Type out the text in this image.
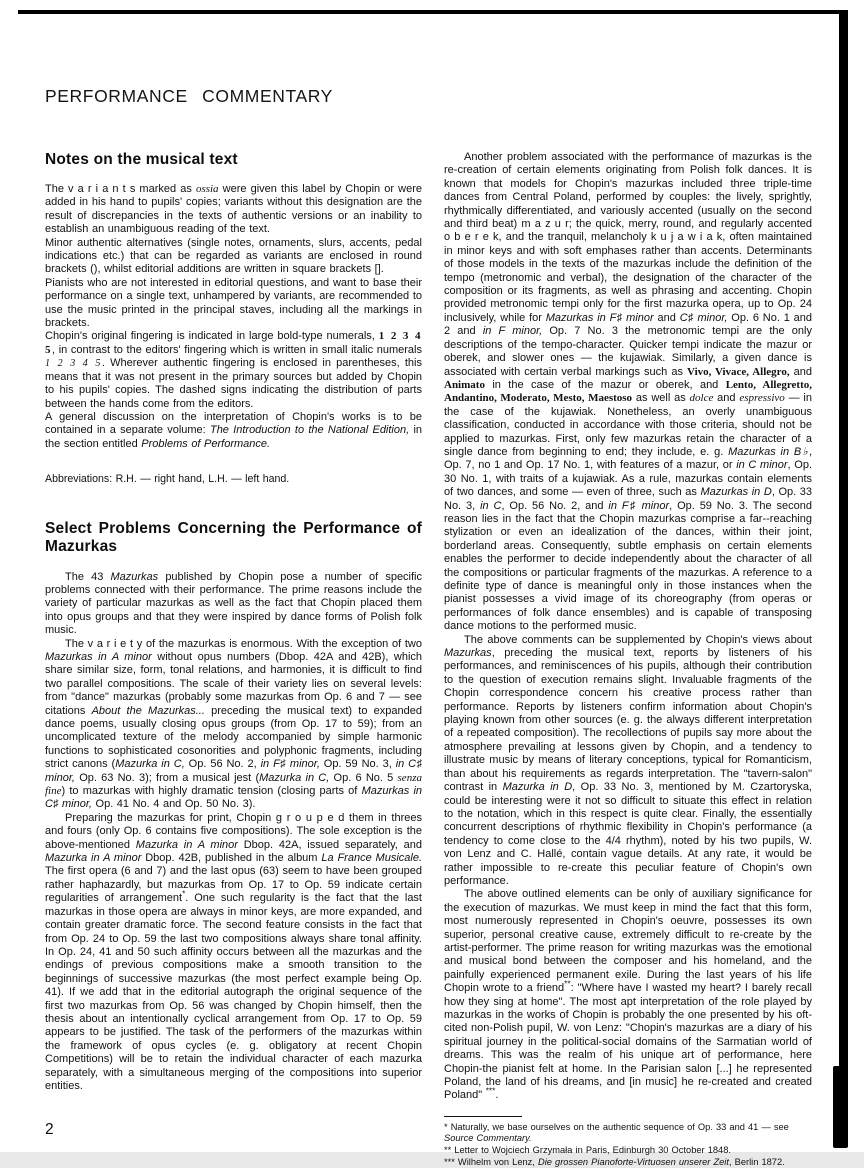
PERFORMANCE COMMENTARY
Notes on the musical text

The v a r i a n t s marked as ossia were given this label by Chopin or were added in his hand to pupils' copies; variants without this designation are the result of discrepancies in the texts of authentic versions or an inability to establish an unambiguous reading of the text.

Minor authentic alternatives (single notes, ornaments, slurs, accents, pedal indications etc.) that can be regarded as variants are enclosed in round brackets (), whilst editorial additions are written in square brackets [].

Pianists who are not interested in editorial questions, and want to base their performance on a single text, unhampered by variants, are recommended to use the music printed in the principal staves, including all the markings in brackets.

Chopin's original fingering is indicated in large bold-type numerals, 1 2 3 4 5, in contrast to the editors' fingering which is written in small italic numerals 1 2 3 4 5. Wherever authentic fingering is enclosed in parentheses, this means that it was not present in the primary sources but added by Chopin to his pupils' copies. The dashed signs indicating the distribution of parts between the hands come from the editors.

A general discussion on the interpretation of Chopin's works is to be contained in a separate volume: The Introduction to the National Edition, in the section entitled Problems of Performance.

Abbreviations: R.H. — right hand, L.H. — left hand.

Select Problems Concerning the Performance of Mazurkas

The 43 Mazurkas published by Chopin pose a number of specific problems connected with their performance. The prime reasons include the variety of particular mazurkas as well as the fact that Chopin placed them into opus groups and that they were inspired by dance forms of Polish folk music.

The v a r i e t y of the mazurkas is enormous. With the exception of two Mazurkas in A minor without opus numbers (Dbop. 42A and 42B), which share similar size, form, tonal relations, and harmonies, it is difficult to find two parallel compositions. The scale of their variety lies on several levels: from "dance" mazurkas (probably some mazurkas from Op. 6 and 7 — see citations About the Mazurkas... preceding the musical text) to expanded dance poems, usually closing opus groups (from Op. 17 to 59); from an uncomplicated texture of the melody accompanied by simple harmonic functions to sophisticated cosonorities and polyphonic fragments, including strict canons (Mazurka in C, Op. 56 No. 2, in F♯ minor, Op. 59 No. 3, in C♯ minor, Op. 63 No. 3); from a musical jest (Mazurka in C, Op. 6 No. 5 senza fine) to mazurkas with highly dramatic tension (closing parts of Mazurkas in C♯ minor, Op. 41 No. 4 and Op. 50 No. 3).

Preparing the mazurkas for print, Chopin g r o u p e d them in threes and fours (only Op. 6 contains five compositions). The sole exception is the above-mentioned Mazurka in A minor Dbop. 42A, issued separately, and Mazurka in A minor Dbop. 42B, published in the album La France Musicale. The first opera (6 and 7) and the last opus (63) seem to have been grouped rather haphazardly, but mazurkas from Op. 17 to Op. 59 indicate certain regularities of arrangement*. One such regularity is the fact that the last mazurkas in those opera are always in minor keys, are more expanded, and contain greater dramatic force. The second feature consists in the fact that from Op. 24 to Op. 59 the last two compositions always share tonal affinity. In Op. 24, 41 and 50 such affinity occurs between all the mazurkas and the endings of previous compositions make a smooth transition to the beginnings of successive mazurkas (the most perfect example being Op. 41). If we add that in the editorial autograph the original sequence of the first two mazurkas from Op. 56 was changed by Chopin himself, then the thesis about an intentionally cyclical arrangement from Op. 17 to Op. 59 appears to be justified. The task of the performers of the mazurkas within the framework of opus cycles (e. g. obligatory at recent Chopin Competitions) will be to retain the individual character of each mazurka separately, with a simultaneous merging of the compositions into superior entities.

2

Another problem associated with the performance of mazurkas is the re-creation of certain elements originating from Polish folk dances. It is known that models for Chopin's mazurkas included three triple-time dances from Central Poland, performed by couples: the lively, sprightly, rhythmically differentiated, and variously accented (usually on the second and third beat) m a z u r; the quick, merry, round, and regularly accented o b e r e k, and the tranquil, melancholy k u j a w i a k, often maintained in minor keys and with soft emphases rather than accents. Determinants of those models in the texts of the mazurkas include the definition of the tempo (metronomic and verbal), the designation of the character of the composition or its fragments, as well as phrasing and accenting. Chopin provided metronomic tempi only for the first mazurka opera, up to Op. 24 inclusively, while for Mazurkas in F♯ minor and C♯ minor, Op. 6 No. 1 and 2 and in F minor, Op. 7 No. 3 the metronomic tempi are the only descriptions of the tempo-character. Quicker tempi indicate the mazur or oberek, and slower ones — the kujawiak. Similarly, a given dance is associated with certain verbal markings such as Vivo, Vivace, Allegro, and Animato in the case of the mazur or oberek, and Lento, Allegretto, Andantino, Moderato, Mesto, Maestoso as well as dolce and espressivo — in the case of the kujawiak. Nonetheless, an overly unambiguous classification, conducted in accordance with those criteria, should not be applied to mazurkas. First, only few mazurkas retain the character of a single dance from beginning to end; they include, e. g. Mazurkas in B♭, Op. 7, no 1 and Op. 17 No. 1, with features of a mazur, or in C minor, Op. 30 No. 1, with traits of a kujawiak. As a rule, mazurkas contain elements of two dances, and some — even of three, such as Mazurkas in D, Op. 33 No. 3, in C, Op. 56 No. 2, and in F♯ minor, Op. 59 No. 3. The second reason lies in the fact that the Chopin mazurkas comprise a far--reaching stylization or even an idealization of the dances, within their joint, borderland areas. Consequently, subtle emphasis on certain elements enables the performer to decide independently about the character of all the compositions or particular fragments of the mazurkas. A reference to a definite type of dance is meaningful only in those instances when the pianist possesses a vivid image of its choreography (from operas or performances of folk dance ensembles) and is capable of transposing dance motions to the performed music.

The above comments can be supplemented by Chopin's views about Mazurkas, preceding the musical text, reports by listeners of his performances, and reminiscences of his pupils, although their contribution to the question of execution remains slight. Invaluable fragments of the Chopin correspondence concern his creative process rather than performance. Reports by listeners confirm information about Chopin's playing known from other sources (e. g. the always different interpretation of a repeated composition). The recollections of pupils say more about the atmosphere prevailing at lessons given by Chopin, and a tendency to illustrate music by means of literary conceptions, typical for Romanticism, than about his requirements as regards interpretation. The "tavern-salon" contrast in Mazurka in D, Op. 33 No. 3, mentioned by M. Czartoryska, could be interesting were it not so difficult to situate this effect in relation to the notation, which in this respect is quite clear. Finally, the essentially concurrent descriptions of rhythmic flexibility in Chopin's performance (a tendency to come close to the 4/4 rhythm), noted by his two pupils, W. von Lenz and C. Hallé, contain vague details. At any rate, it would be rather impossible to re-create this peculiar feature of Chopin's own performance.

The above outlined elements can be only of auxiliary significance for the execution of mazurkas. We must keep in mind the fact that this form, most numerously represented in Chopin's oeuvre, possesses its own superior, personal creative cause, extremely difficult to re-create by the artist-performer. The prime reason for writing mazurkas was the emotional and musical bond between the composer and his homeland, and the painfully experienced permanent exile. During the last years of his life Chopin wrote to a friend**: "Where have I wasted my heart? I barely recall how they sing at home". The most apt interpretation of the role played by mazurkas in the works of Chopin is probably the one presented by his oft-cited non-Polish pupil, W. von Lenz: "Chopin's mazurkas are a diary of his spiritual journey in the political-social domains of the Sarmatian world of dreams. This was the realm of his unique art of performance, here Chopin-the pianist felt at home. In the Parisian salon [...] he represented Poland, the land of his dreams, and [in music] he re-created and created Poland" ***.

* Naturally, we base ourselves on the authentic sequence of Op. 33 and 41 — see Source Commentary.

** Letter to Wojciech Grzymała in Paris, Edinburgh 30 October 1848.

*** Wilhelm von Lenz, Die grossen Pianoforte-Virtuosen unserer Zeit, Berlin 1872.
